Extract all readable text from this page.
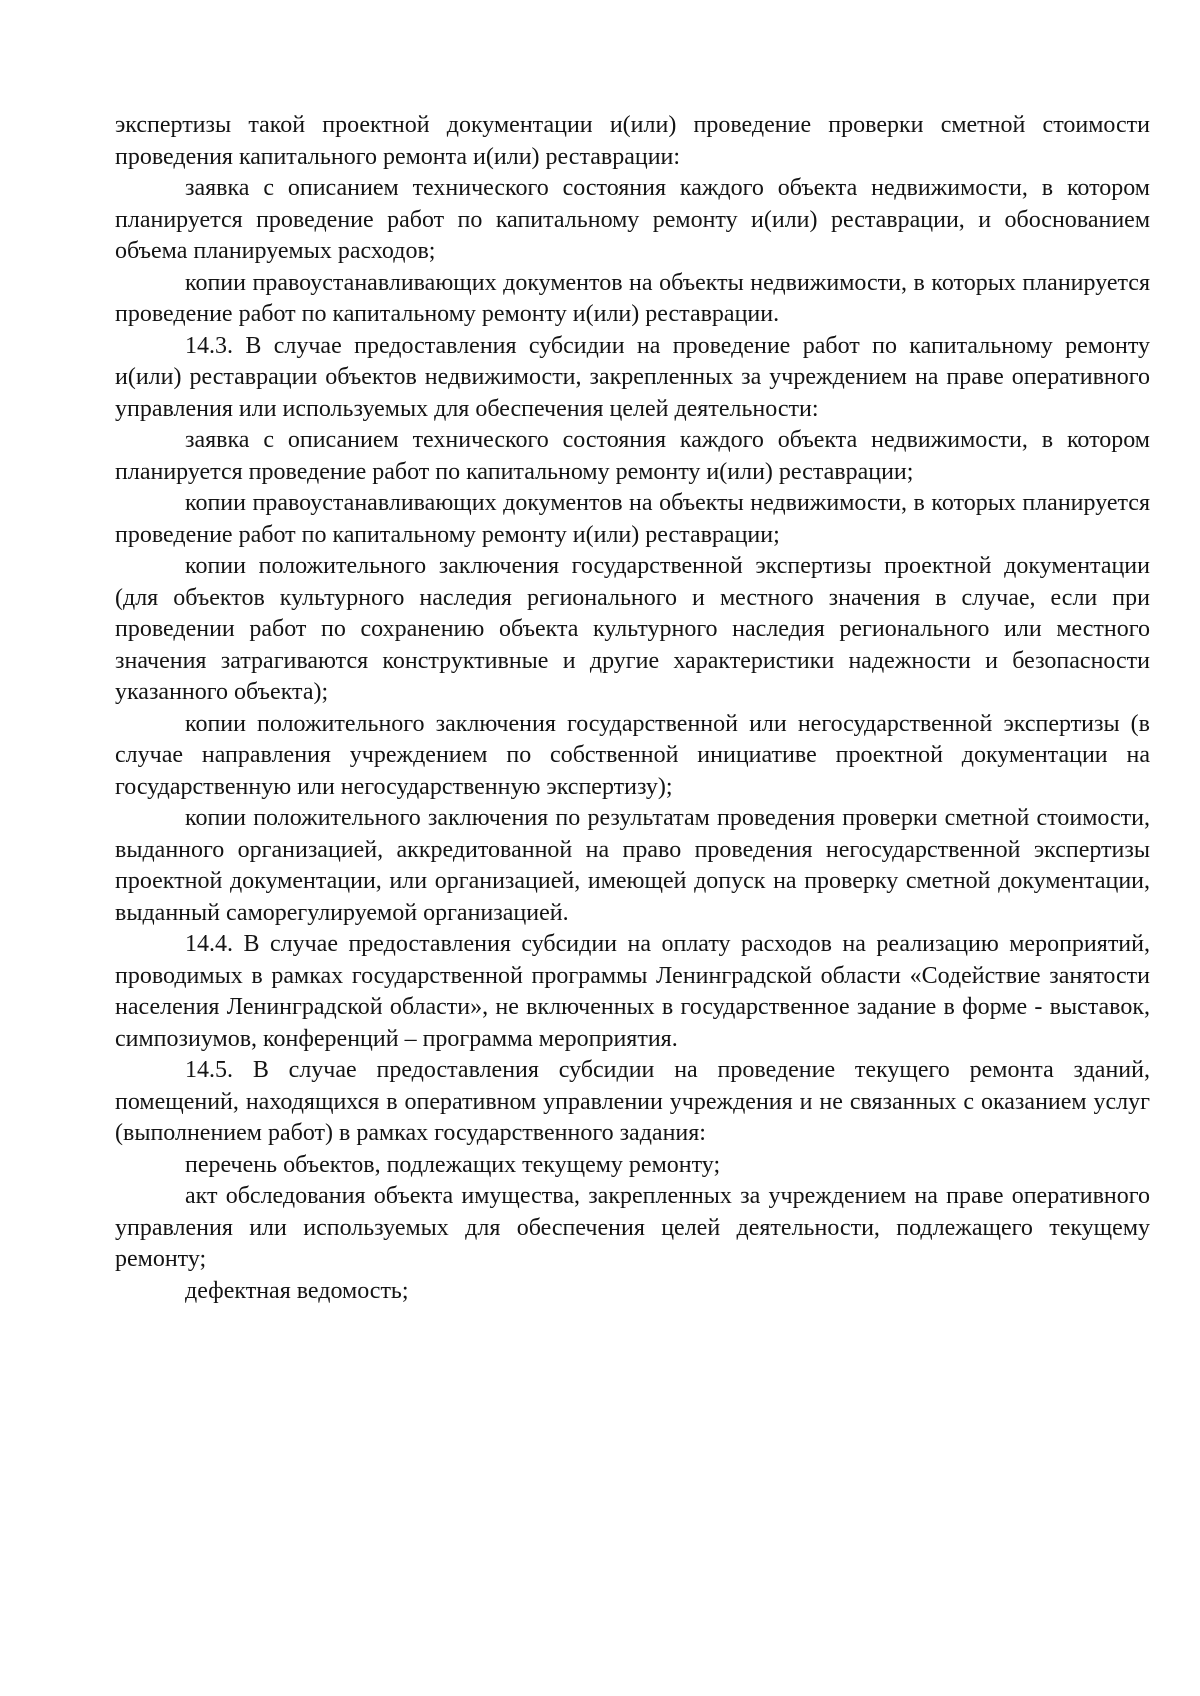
экспертизы такой проектной документации и(или) проведение проверки сметной стоимости проведения капитального ремонта и(или) реставрации:

заявка с описанием технического состояния каждого объекта недвижимости, в котором планируется проведение работ по капитальному ремонту и(или) реставрации, и обоснованием объема планируемых расходов;

копии правоустанавливающих документов на объекты недвижимости, в которых планируется проведение работ по капитальному ремонту и(или) реставрации.

14.3. В случае предоставления субсидии на проведение работ по капитальному ремонту и(или) реставрации объектов недвижимости, закрепленных за учреждением на праве оперативного управления или используемых для обеспечения целей деятельности:

заявка с описанием технического состояния каждого объекта недвижимости, в котором планируется проведение работ по капитальному ремонту и(или) реставрации;

копии правоустанавливающих документов на объекты недвижимости, в которых планируется проведение работ по капитальному ремонту и(или) реставрации;

копии положительного заключения государственной экспертизы проектной документации (для объектов культурного наследия регионального и местного значения в случае, если при проведении работ по сохранению объекта культурного наследия регионального или местного значения затрагиваются конструктивные и другие характеристики надежности и безопасности указанного объекта);

копии положительного заключения государственной или негосударственной экспертизы (в случае направления учреждением по собственной инициативе проектной документации на государственную или негосударственную экспертизу);

копии положительного заключения по результатам проведения проверки сметной стоимости, выданного организацией, аккредитованной на право проведения негосударственной экспертизы проектной документации, или организацией, имеющей допуск на проверку сметной документации, выданный саморегулируемой организацией.

14.4. В случае предоставления субсидии на оплату расходов на реализацию мероприятий, проводимых в рамках государственной программы Ленинградской области «Содействие занятости населения Ленинградской области», не включенных в государственное задание в форме - выставок, симпозиумов, конференций – программа мероприятия.

14.5. В случае предоставления субсидии на проведение текущего ремонта зданий, помещений, находящихся в оперативном управлении учреждения и не связанных с оказанием услуг (выполнением работ) в рамках государственного задания:

перечень объектов, подлежащих текущему ремонту;

акт обследования объекта имущества, закрепленных за учреждением на праве оперативного управления или используемых для обеспечения целей деятельности, подлежащего текущему ремонту;

дефектная ведомость;
